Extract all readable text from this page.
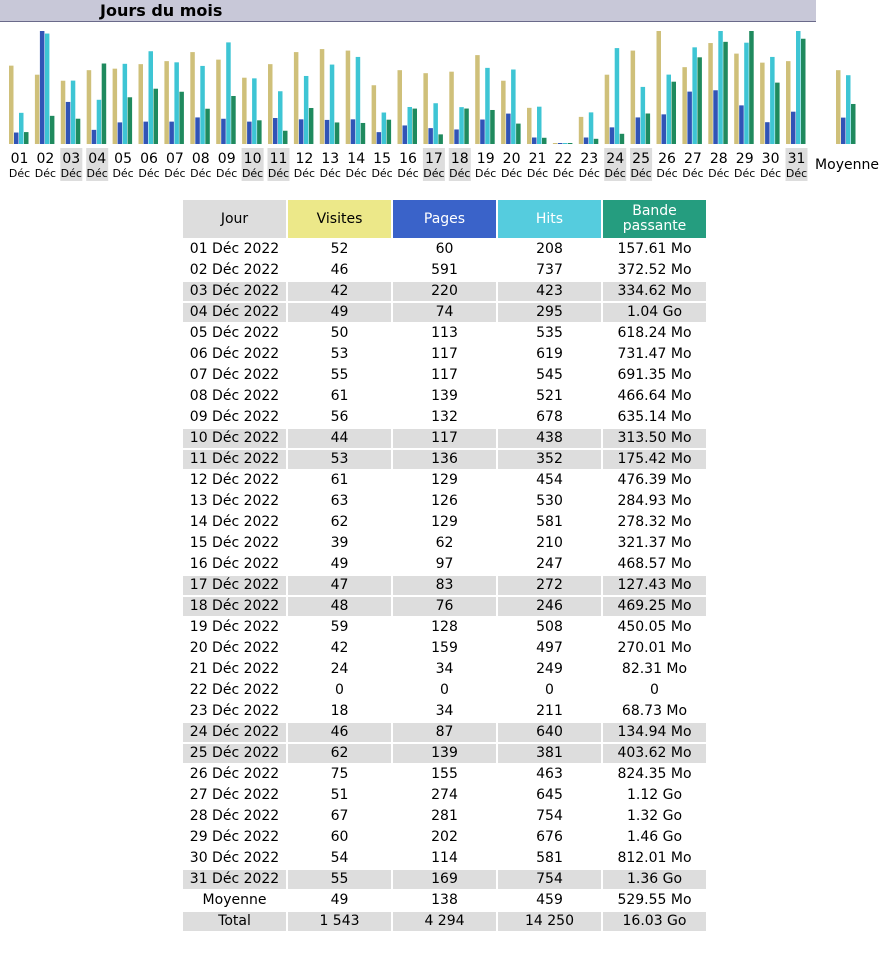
Jours du mois
01
Déc
02
Déc
03
Déc
04
Déc
05
Déc
06
Déc
07
Déc
08
Déc
09
Déc
10
Déc
11
Déc
12
Déc
13
Déc
14
Déc
15
Déc
16
Déc
17
Déc
18
Déc
19
Déc
20
Déc
21
Déc
22
Déc
23
Déc
24
Déc
25
Déc
26
Déc
27
Déc
28
Déc
29
Déc
30
Déc
31
Déc
Moyenne
Jour	Visites	Pages	Hits	Bande passante
01 Déc 2022	52	60	208	157.61 Mo
02 Déc 2022	46	591	737	372.52 Mo
03 Déc 2022	42	220	423	334.62 Mo
04 Déc 2022	49	74	295	1.04 Go
05 Déc 2022	50	113	535	618.24 Mo
06 Déc 2022	53	117	619	731.47 Mo
07 Déc 2022	55	117	545	691.35 Mo
08 Déc 2022	61	139	521	466.64 Mo
09 Déc 2022	56	132	678	635.14 Mo
10 Déc 2022	44	117	438	313.50 Mo
11 Déc 2022	53	136	352	175.42 Mo
12 Déc 2022	61	129	454	476.39 Mo
13 Déc 2022	63	126	530	284.93 Mo
14 Déc 2022	62	129	581	278.32 Mo
15 Déc 2022	39	62	210	321.37 Mo
16 Déc 2022	49	97	247	468.57 Mo
17 Déc 2022	47	83	272	127.43 Mo
18 Déc 2022	48	76	246	469.25 Mo
19 Déc 2022	59	128	508	450.05 Mo
20 Déc 2022	42	159	497	270.01 Mo
21 Déc 2022	24	34	249	82.31 Mo
22 Déc 2022	0	0	0	0
23 Déc 2022	18	34	211	68.73 Mo
24 Déc 2022	46	87	640	134.94 Mo
25 Déc 2022	62	139	381	403.62 Mo
26 Déc 2022	75	155	463	824.35 Mo
27 Déc 2022	51	274	645	1.12 Go
28 Déc 2022	67	281	754	1.32 Go
29 Déc 2022	60	202	676	1.46 Go
30 Déc 2022	54	114	581	812.01 Mo
31 Déc 2022	55	169	754	1.36 Go
Moyenne	49	138	459	529.55 Mo
Total	1 543	4 294	14 250	16.03 Go
